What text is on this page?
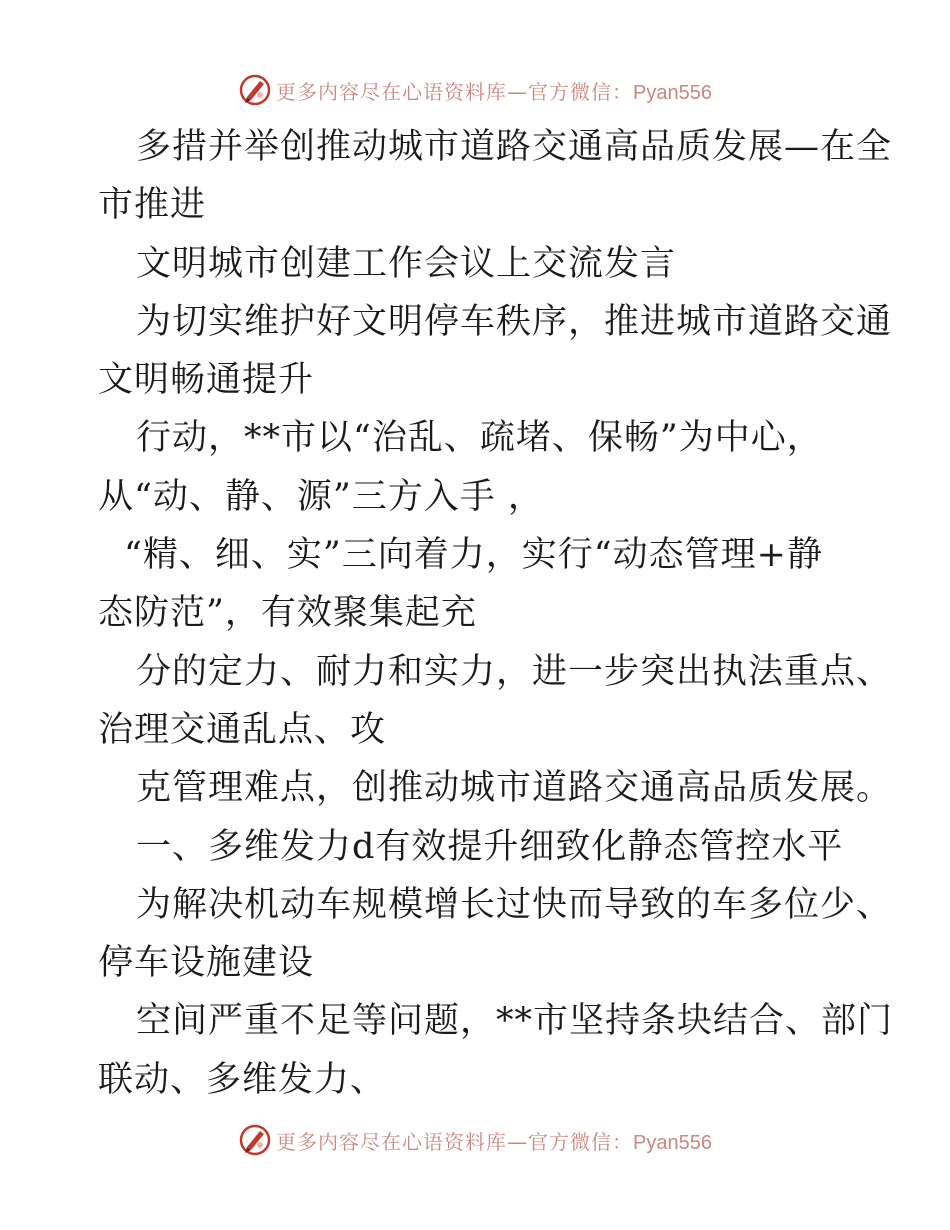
更多内容尽在心语资料库—官方微信：Pyan556
多措并举创推动城市道路交通高品质发展—在全
市推进
文明城市创建工作会议上交流发言
为切实维护好文明停车秩序，推进城市道路交通
文明畅通提升
行动，**市以“治乱、疏堵、保畅”为中心，
从“动、静、源”三方入手 ，
“精、细、实”三向着力，实行“动态管理+静
态防范”，有效聚集起充
分的定力、耐力和实力，进一步突出执法重点、
治理交通乱点、攻
克管理难点，创推动城市道路交通高品质发展。
一、多维发力d有效提升细致化静态管控水平
为解决机动车规模增长过快而导致的车多位少、
停车设施建设
空间严重不足等问题，**市坚持条块结合、部门
联动、多维发力、
更多内容尽在心语资料库—官方微信：Pyan556
